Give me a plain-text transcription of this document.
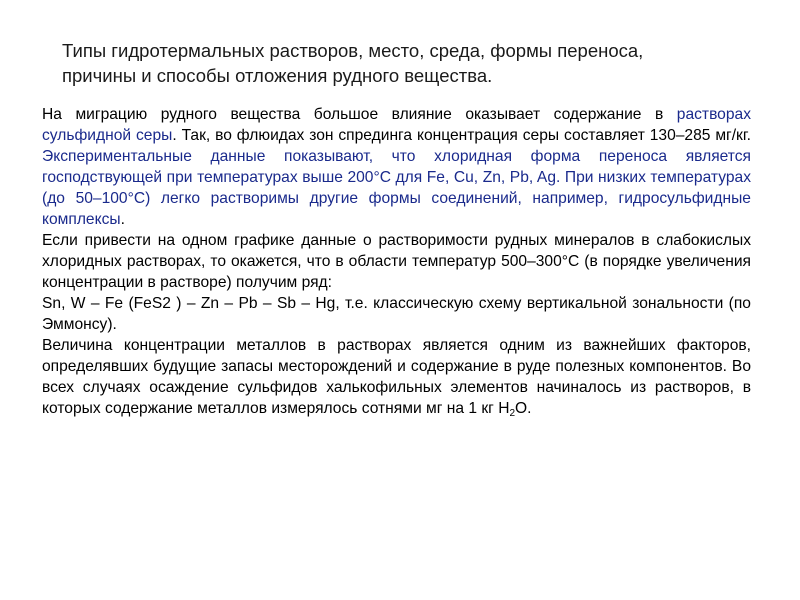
Типы гидротермальных растворов, место, среда, формы переноса,
причины и способы отложения рудного вещества.

На миграцию рудного вещества большое влияние оказывает содержание в растворах сульфидной серы. Так, во флюидах зон спрединга концентрация серы составляет 130–285 мг/кг. Экспериментальные данные показывают, что хлоридная форма переноса является господствующей при температурах выше 200°С для Fe, Cu, Zn, Pb, Ag. При низких температурах (до 50–100°С) легко растворимы другие формы соединений, например, гидросульфидные комплексы.

Если привести на одном графике данные о растворимости рудных минералов в слабокислых хлоридных растворах, то окажется, что в области температур 500–300°С (в порядке увеличения концентрации в растворе) получим ряд:

Sn, W – Fe (FeS2 ) – Zn – Pb – Sb – Hg, т.е. классическую схему вертикальной зональности (по Эммонсу).

Величина концентрации металлов в растворах является одним из важнейших факторов, определявших будущие запасы месторождений и содержание в руде полезных компонентов. Во всех случаях осаждение сульфидов халькофильных элементов начиналось из растворов, в которых содержание металлов измерялось сотнями мг на 1 кг $Н_2О$.
